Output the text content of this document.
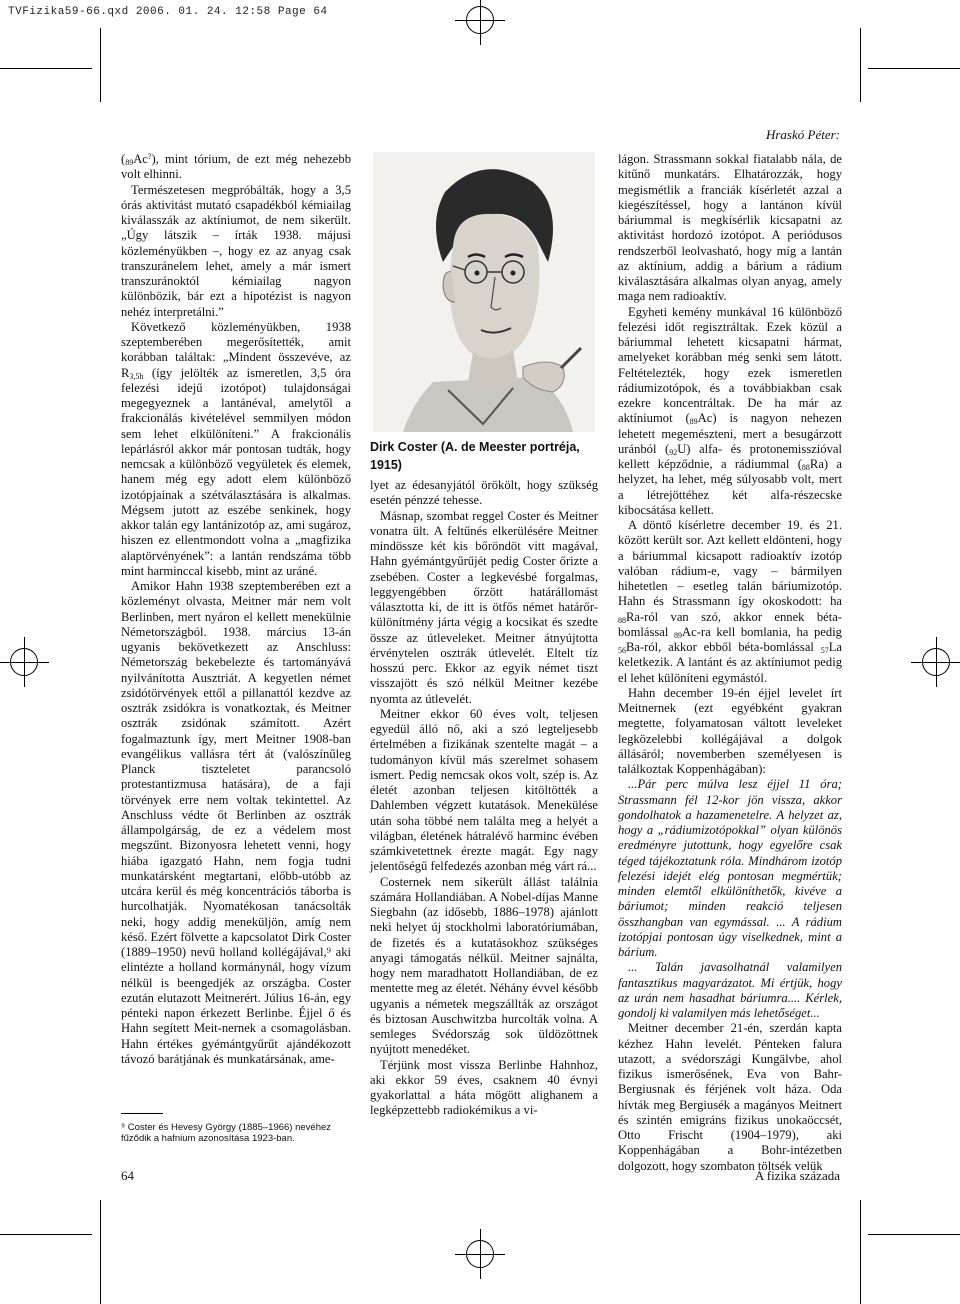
TVFizika59-66.qxd 2006. 01. 24. 12:58 Page 64
Hraskó Péter:

$(_{89}Ac^?)$, mint tórium, de ezt még nehezebb volt elhinni.

Természetesen megpróbálták, hogy a 3,5 órás aktivitást mutató csapadékból kémiailag kiválasszák az aktíniumot, de nem sikerült. „Úgy látszik – írták 1938. májusi közleményükben –, hogy ez az anyag csak transzuránelem lehet, amely a már ismert transzuránoktól kémiailag nagyon különbözik, bár ezt a hipotézist is nagyon nehéz interpretálni.”

Következő közleményükben, 1938 szeptemberében megerősítették, amit korábban találtak: „Mindent összevéve, az $R_{3,5h}$ (így jelölték az ismeretlen, 3,5 óra felezési idejű izotópot) tulajdonságai megegyeznek a lantánéval, amelytől a frakcionálás kivételével semmilyen módon sem lehet elkülöníteni.” A frakcionális lepárlásról akkor már pontosan tudták, hogy nemcsak a különböző vegyületek és elemek, hanem még egy adott elem különböző izotópjainak a szétválasztására is alkalmas. Mégsem jutott az eszébe senkinek, hogy akkor talán egy lantánizotóp az, ami sugároz, hiszen ez ellentmondott volna a „magfizika alaptörvényének”: a lantán rendszáma több mint harminccal kisebb, mint az uráné.

Amikor Hahn 1938 szeptemberében ezt a közleményt olvasta, Meitner már nem volt Berlinben, mert nyáron el kellett menekülnie Németországból. 1938. március 13-án ugyanis bekövetkezett az Anschluss: Németország bekebelezte és tartományává nyilvánította Ausztriát. A kegyetlen német zsidótörvények ettől a pillanattól kezdve az osztrák zsidókra is vonatkoztak, és Meitner osztrák zsidónak számított. Azért fogalmaztunk így, mert Meitner 1908-ban evangélikus vallásra tért át (valószínűleg Planck tiszteletet parancsoló protestantizmusa hatására), de a faji törvények erre nem voltak tekintettel. Az Anschluss védte őt Berlinben az osztrák állampolgárság, de ez a védelem most megszűnt. Bizonyosra lehetett venni, hogy hiába igazgató Hahn, nem fogja tudni munkatársként megtartani, előbb-utóbb az utcára kerül és még koncentrációs táborba is hurcolhatják. Nyomatékosan tanácsolták neki, hogy addig meneküljön, amíg nem késő. Ezért fölvette a kapcsolatot Dirk Coster (1889–1950) nevű holland kollégájával,⁹ aki elintézte a holland kormánynál, hogy vízum nélkül is beengedjék az országba. Coster ezután elutazott Meitnerért. Július 16-án, egy pénteki napon érkezett Berlinbe. Éjjel ő és Hahn segített Meit-nernek a csomagolásban. Hahn értékes gyémántgyűrűt ajándékozott távozó barátjának és munkatársának, ame-

Dirk Coster (A. de Meester portréja, 1915)

lyet az édesanyjától örökölt, hogy szükség esetén pénzzé tehesse.

Másnap, szombat reggel Coster és Meitner vonatra ült. A feltűnés elkerülésére Meitner mindössze két kis bőröndöt vitt magával, Hahn gyémántgyűrűjét pedig Coster őrizte a zsebében. Coster a legkevésbé forgalmas, leggyengébben őrzött határállomást választotta ki, de itt is ötfős német határőr-különítmény járta végig a kocsikat és szedte össze az útleveleket. Meitner átnyújtotta érvénytelen osztrák útlevelét. Eltelt tíz hosszú perc. Ekkor az egyik német tiszt visszajött és szó nélkül Meitner kezébe nyomta az útlevelét.

Meitner ekkor 60 éves volt, teljesen egyedül álló nő, aki a szó legteljesebb értelmében a fizikának szentelte magát – a tudományon kívül más szerelmet sohasem ismert. Pedig nemcsak okos volt, szép is. Az életét azonban teljesen kitöltötték a Dahlemben végzett kutatások. Menekülése után soha többé nem találta meg a helyét a világban, életének hátralévő harminc évében számkivetettnek érezte magát. Egy nagy jelentőségű felfedezés azonban még várt rá...

Costernek nem sikerült állást találnia számára Hollandiában. A Nobel-díjas Manne Siegbahn (az idősebb, 1886–1978) ajánlott neki helyet új stockholmi laboratóriumában, de fizetés és a kutatásokhoz szükséges anyagi támogatás nélkül. Meitner sajnálta, hogy nem maradhatott Hollandiában, de ez mentette meg az életét. Néhány évvel később ugyanis a németek megszállták az országot és biztosan Auschwitzba hurcolták volna. A semleges Svédország sok üldözöttnek nyújtott menedéket.

Térjünk most vissza Berlinbe Hahnhoz, aki ekkor 59 éves, csaknem 40 évnyi gyakorlattal a háta mögött alighanem a legképzettebb radiokémikus a vi-

lágon. Strassmann sokkal fiatalabb nála, de kitűnő munkatárs. Elhatározzák, hogy megismétlik a franciák kísérletét azzal a kiegészítéssel, hogy a lantánon kívül báriummal is megkísérlik kicsapatni az aktivitást hordozó izotópot. A periódusos rendszerből leolvasható, hogy míg a lantán az aktínium, addig a bárium a rádium kiválasztására alkalmas olyan anyag, amely maga nem radioaktív.

Egyheti kemény munkával 16 különböző felezési időt regisztráltak. Ezek közül a báriummal lehetett kicsapatni hármat, amelyeket korábban még senki sem látott. Feltételezték, hogy ezek ismeretlen rádiumizotópok, és a továbbiakban csak ezekre koncentráltak. De ha már az aktíniumot $(_{89}Ac)$ is nagyon nehezen lehetett megemészteni, mert a besugárzott uránból $(_{92}U)$ alfa- és protonemisszióval kellett képződnie, a rádiummal $(_{88}Ra)$ a helyzet, ha lehet, még súlyosabb volt, mert a létrejöttéhez két alfa-részecske kibocsátása kellett.

A döntő kísérletre december 19. és 21. között került sor. Azt kellett eldönteni, hogy a báriummal kicsapott radioaktív izotóp valóban rádium-e, vagy – bármilyen hihetetlen – esetleg talán báriumizotóp. Hahn és Strassmann így okoskodott: ha $_{88}$Ra-ról van szó, akkor ennek béta-bomlással $_{89}$Ac-ra kell bomlania, ha pedig $_{56}$Ba-ról, akkor ebből béta-bomlással $_{57}$La keletkezik. A lantánt és az aktíniumot pedig el lehet különíteni egymástól.

Hahn december 19-én éjjel levelet írt Meitnernek (ezt egyébként gyakran megtette, folyamatosan váltott leveleket legközelebbi kollégájával a dolgok állásáról; novemberben személyesen is találkoztak Koppenhágában):

...Pár perc múlva lesz éjjel 11 óra; Strassmann fél 12-kor jön vissza, akkor gondolhatok a hazamenetelre. A helyzet az, hogy a „rádiumizotópokkal” olyan különös eredményre jutottunk, hogy egyelőre csak téged tájékoztatunk róla. Mindhárom izotóp felezési idejét elég pontosan megmértük; minden elemtől elkülöníthetők, kivéve a báriumot; minden reakció teljesen összhangban van egymással. ... A rádium izotópjai pontosan úgy viselkednek, mint a bárium.

... Talán javasolhatnál valamilyen fantasztikus magyarázatot. Mi értjük, hogy az urán nem hasadhat báriumra.... Kérlek, gondolj ki valamilyen más lehetőséget...

Meitner december 21-én, szerdán kapta kézhez Hahn levelét. Pénteken falura utazott, a svédországi Kungälvbe, ahol fizikus ismerősének, Eva von Bahr-Bergiusnak és férjének volt háza. Oda hívták meg Bergiusék a magányos Meitnert és szintén emigráns fizikus unokaöccsét, Otto Frischt (1904–1979), aki Koppenhágában a Bohr-intézetben dolgozott, hogy szombaton töltsék velük

⁹ Coster és Hevesy György (1885–1966) nevéhez fűződik a hafnium azonosítása 1923-ban.
64	A fizika százada
